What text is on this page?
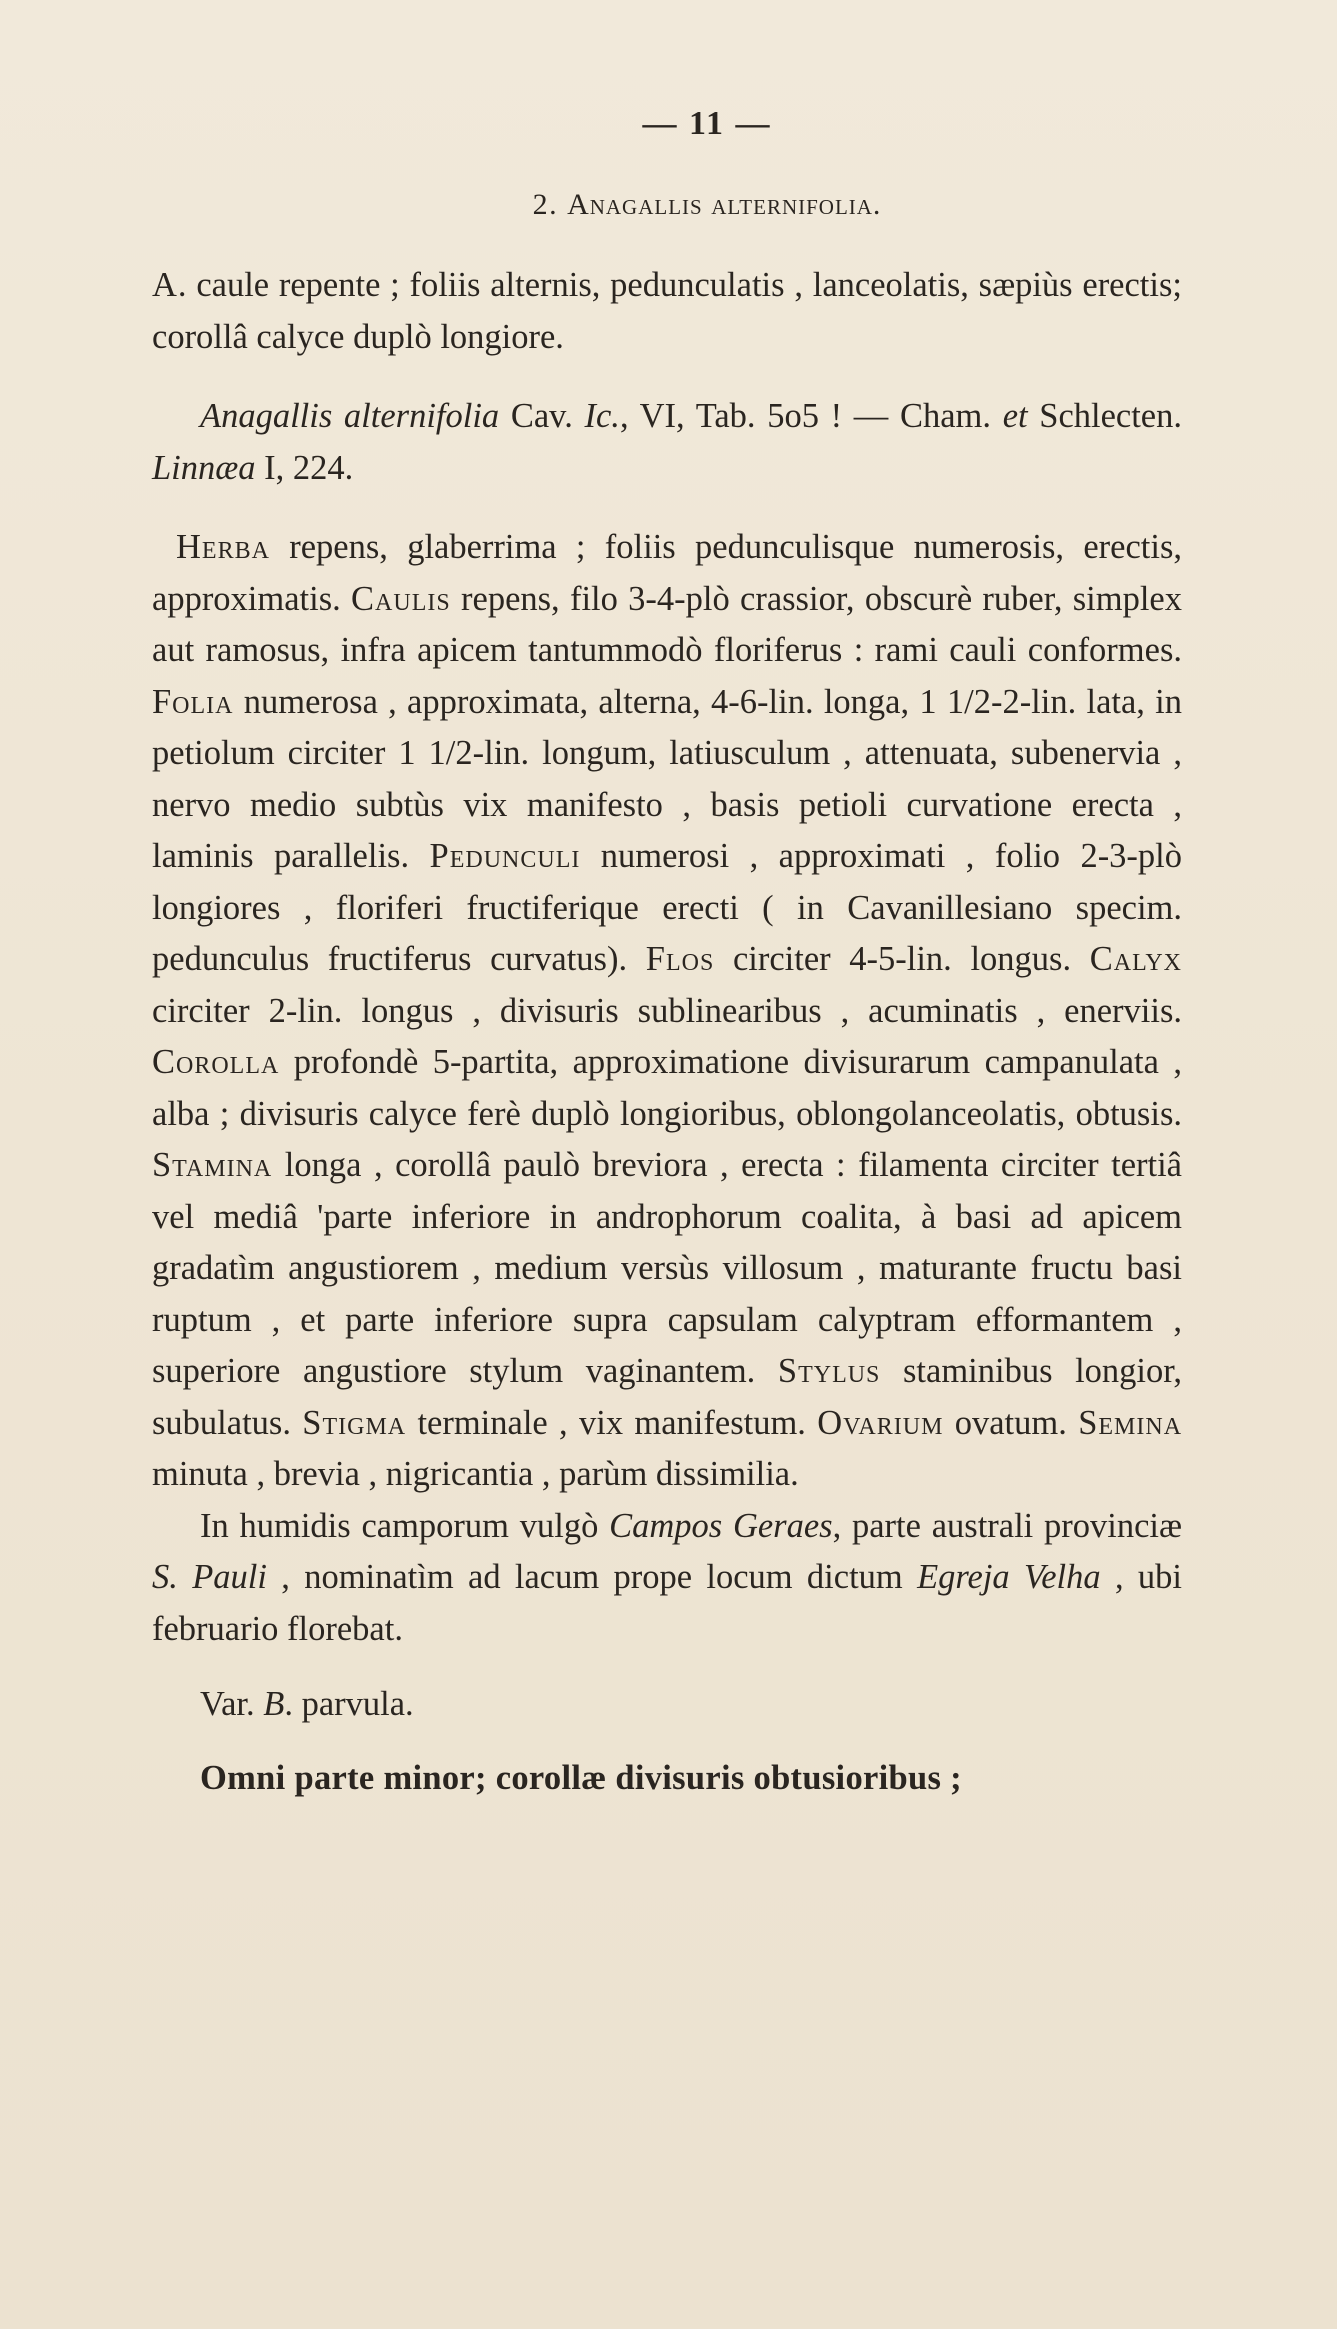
— 11 —
2. Anagallis alternifolia.

A. caule repente ; foliis alternis, pedunculatis , lanceolatis, sæpiùs erectis; corollâ calyce duplò longiore.

Anagallis alternifolia Cav. Ic., VI, Tab. 5o5 ! — Cham. et Schlecten. Linnæa I, 224.

Herba repens, glaberrima ; foliis pedunculisque numerosis, erectis, approximatis. Caulis repens, filo 3-4-plò crassior, obscurè ruber, simplex aut ramosus, infra apicem tantummodò floriferus : rami cauli conformes. Folia numerosa , approximata, alterna, 4-6-lin. longa, 1 1/2-2-lin. lata, in petiolum circiter 1 1/2-lin. longum, latiusculum , attenuata, subenervia , nervo medio subtùs vix manifesto , basis petioli curvatione erecta , laminis parallelis. Pedunculi numerosi , approximati , folio 2-3-plò longiores , floriferi fructiferique erecti ( in Cavanillesiano specim. pedunculus fructiferus curvatus). Flos circiter 4-5-lin. longus. Calyx circiter 2-lin. longus , divisuris sublinearibus , acuminatis , enerviis. Corolla profondè 5-partita, approximatione divisurarum campanulata , alba ; divisuris calyce ferè duplò longioribus, oblongolanceolatis, obtusis. Stamina longa , corollâ paulò breviora , erecta : filamenta circiter tertiâ vel mediâ 'parte inferiore in androphorum coalita, à basi ad apicem gradatìm angustiorem , medium versùs villosum , maturante fructu basi ruptum , et parte inferiore supra capsulam calyptram efformantem , superiore angustiore stylum vaginantem. Stylus staminibus longior, subulatus. Stigma terminale , vix manifestum. Ovarium ovatum. Semina minuta , brevia , nigricantia , parùm dissimilia.

In humidis camporum vulgò Campos Geraes, parte australi provinciæ S. Pauli , nominatìm ad lacum prope locum dictum Egreja Velha , ubi februario florebat.

Var. B. parvula.

Omni parte minor; corollæ divisuris obtusioribus ;
